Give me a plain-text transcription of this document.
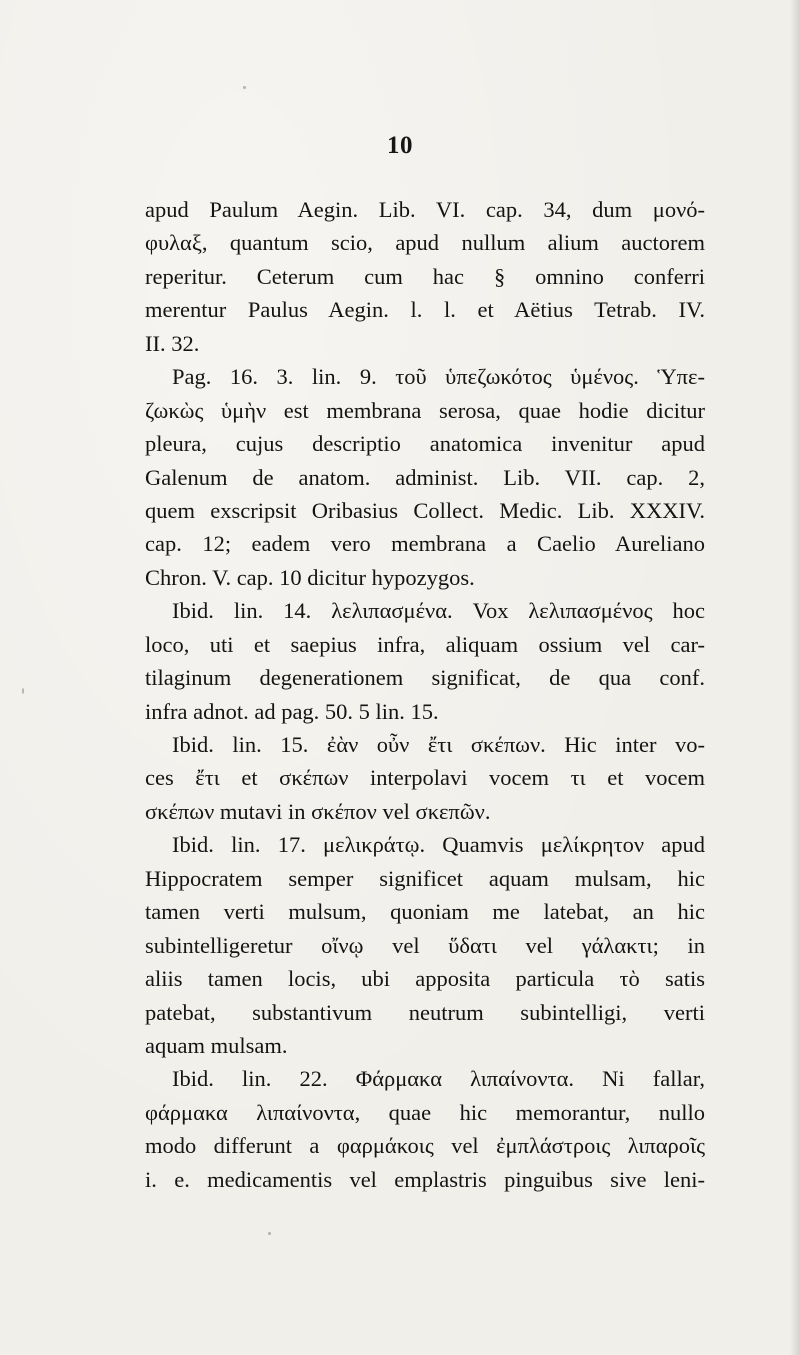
10
apud Paulum Aegin. Lib. VI. cap. 34, dum μονό-
φυλαξ, quantum scio, apud nullum alium auctorem
reperitur. Ceterum cum hac § omnino conferri
merentur Paulus Aegin. l. l. et Aëtius Tetrab. IV.
II. 32.
Pag. 16. 3. lin. 9. τοῦ ὑπεζωκότος ὑμένος. Ὑπε-
ζωκὼς ὑμὴν est membrana serosa, quae hodie dicitur
pleura, cujus descriptio anatomica invenitur apud
Galenum de anatom. administ. Lib. VII. cap. 2,
quem exscripsit Oribasius Collect. Medic. Lib. XXXIV.
cap. 12; eadem vero membrana a Caelio Aureliano
Chron. V. cap. 10 dicitur hypozygos.
Ibid. lin. 14. λελιπασμένα. Vox λελιπασμένος hoc
loco, uti et saepius infra, aliquam ossium vel car-
tilaginum degenerationem significat, de qua conf.
infra adnot. ad pag. 50. 5 lin. 15.
Ibid. lin. 15. ἐὰν οὖν ἔτι σκέπων. Hic inter vo-
ces ἔτι et σκέπων interpolavi vocem τι et vocem
σκέπων mutavi in σκέπον vel σκεπῶν.
Ibid. lin. 17. μελικράτῳ. Quamvis μελίκρητον apud
Hippocratem semper significet aquam mulsam, hic
tamen verti mulsum, quoniam me latebat, an hic
subintelligeretur οἴνῳ vel ὕδατι vel γάλακτι; in
aliis tamen locis, ubi apposita particula τὸ satis
patebat, substantivum neutrum subintelligi, verti
aquam mulsam.
Ibid. lin. 22. Φάρμακα λιπαίνοντα. Ni fallar,
φάρμακα λιπαίνοντα, quae hic memorantur, nullo
modo differunt a φαρμάκοις vel ἐμπλάστροις λιπαροῖς
i. e. medicamentis vel emplastris pinguibus sive leni-
